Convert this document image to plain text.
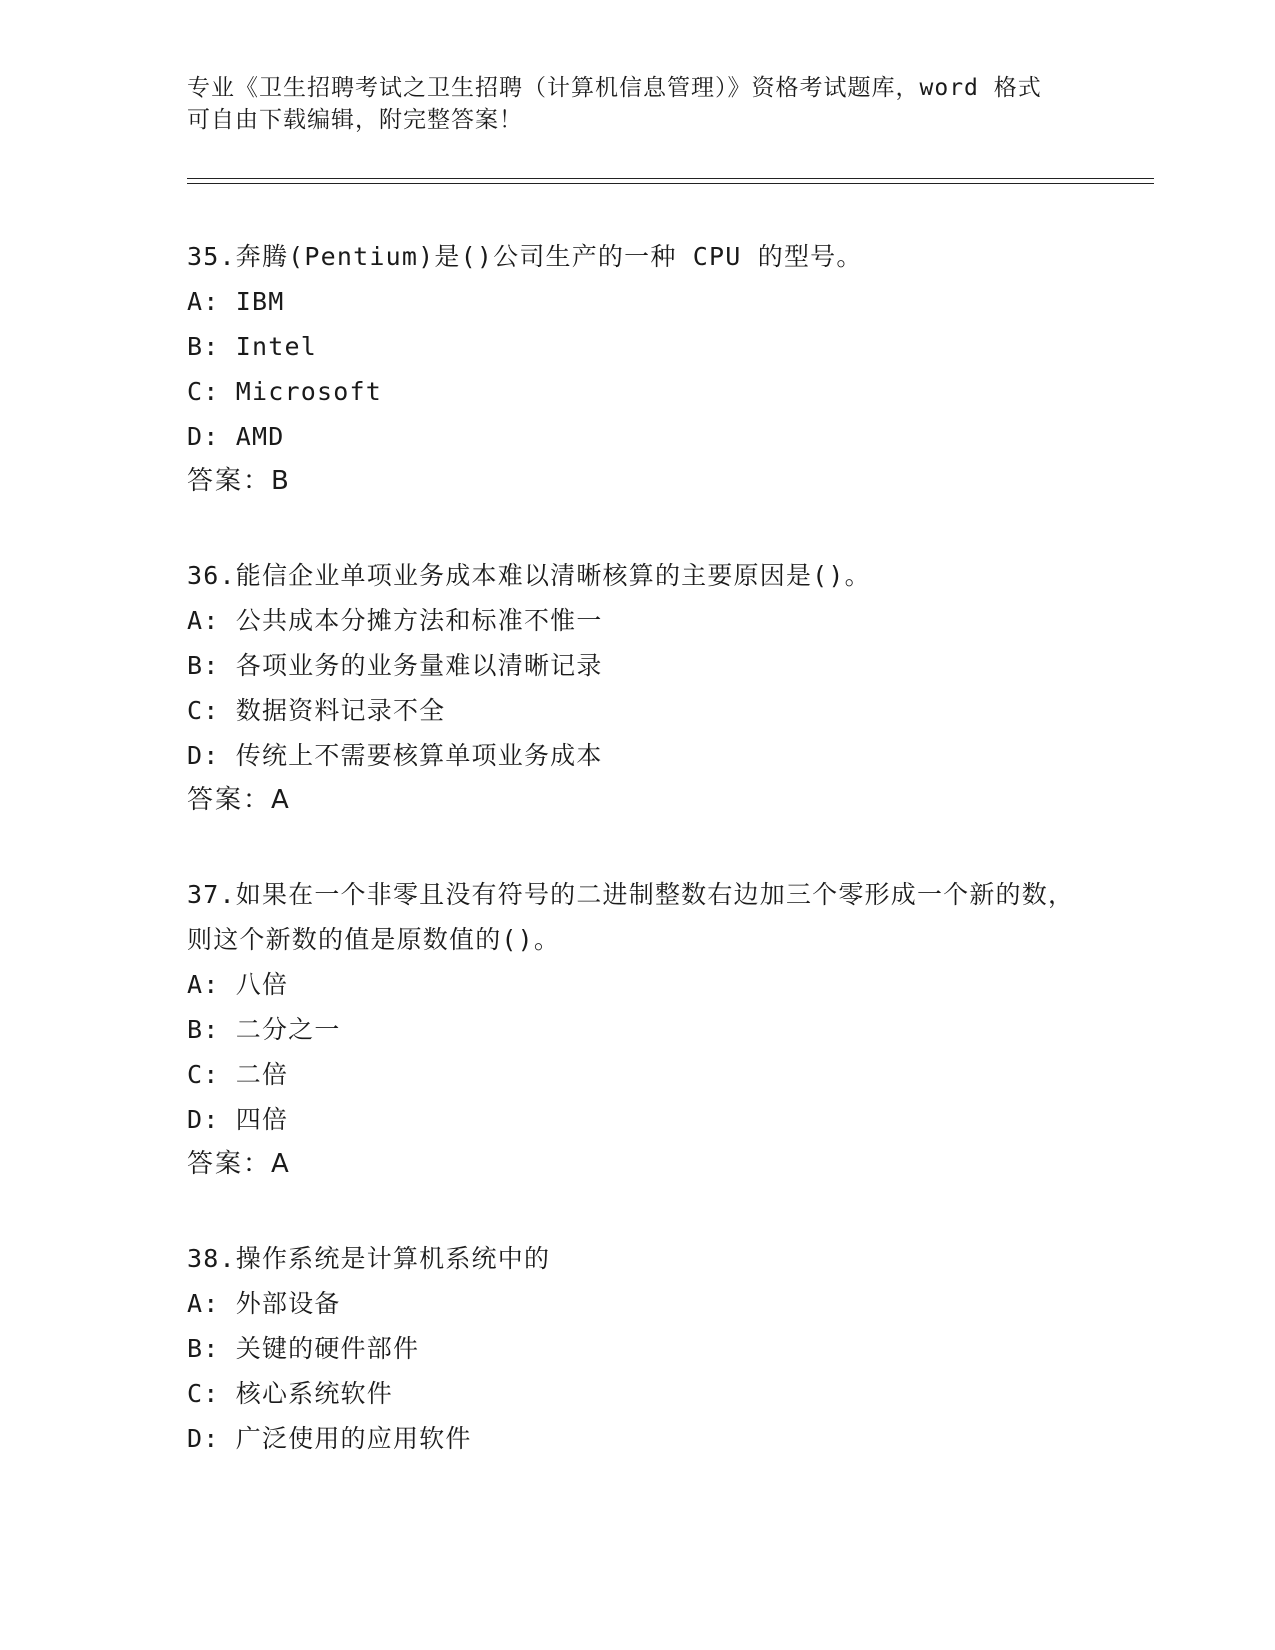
专业《卫生招聘考试之卫生招聘（计算机信息管理）》资格考试题库，word 格式
可自由下载编辑，附完整答案！
35.奔腾(Pentium)是()公司生产的一种 CPU 的型号。
A: IBM
B: Intel
C: Microsoft
D: AMD
答案：B
36.能信企业单项业务成本难以清晰核算的主要原因是()。
A: 公共成本分摊方法和标准不惟一
B: 各项业务的业务量难以清晰记录
C: 数据资料记录不全
D: 传统上不需要核算单项业务成本
答案：A
37.如果在一个非零且没有符号的二进制整数右边加三个零形成一个新的数，则这个新数的值是原数值的()。
A: 八倍
B: 二分之一
C: 二倍
D: 四倍
答案：A
38.操作系统是计算机系统中的
A: 外部设备
B: 关键的硬件部件
C: 核心系统软件
D: 广泛使用的应用软件
